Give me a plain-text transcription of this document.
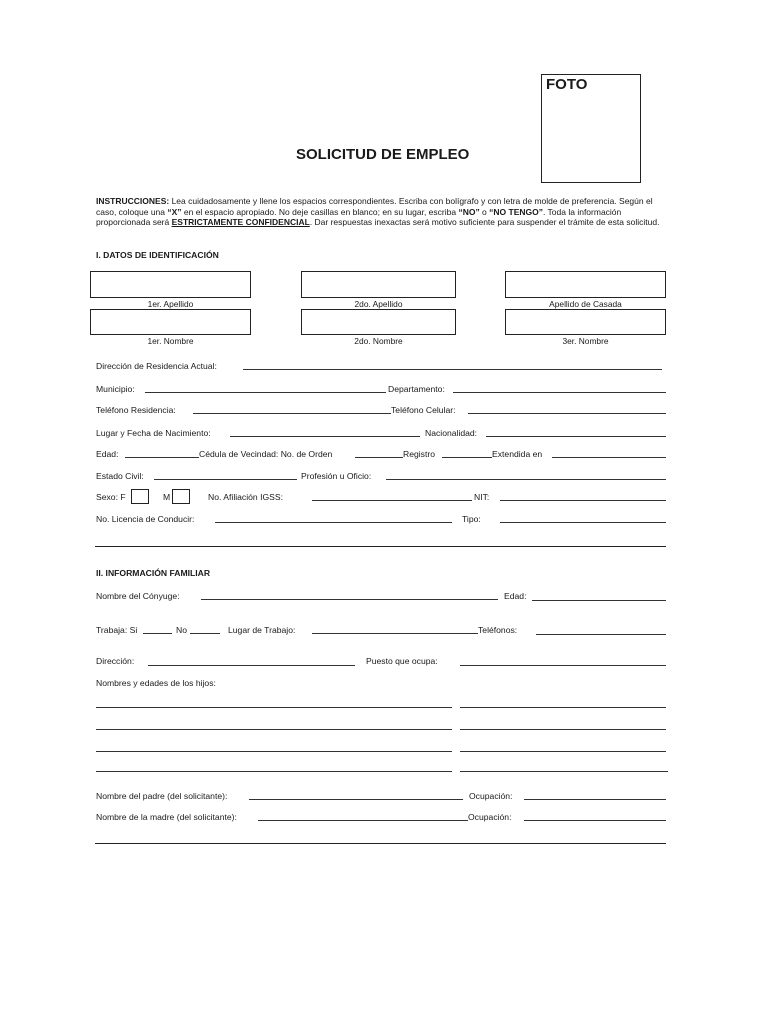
FOTO
SOLICITUD DE EMPLEO
INSTRUCCIONES: Lea cuidadosamente y llene los espacios correspondientes. Escriba con bolígrafo y con letra de molde de preferencia. Según el caso, coloque una “X” en el espacio apropiado. No deje casillas en blanco; en su lugar, escriba “NO” o “NO TENGO”. Toda la información proporcionada será ESTRICTAMENTE CONFIDENCIAL. Dar respuestas inexactas será motivo suficiente para suspender el trámite de esta solicitud.
I. DATOS DE IDENTIFICACIÓN
1er. Apellido	2do. Apellido	Apellido de Casada
1er. Nombre	2do. Nombre	3er. Nombre
Dirección de Residencia Actual:
Municipio:	Departamento:
Teléfono Residencia:	Teléfono Celular:
Lugar y Fecha de Nacimiento:	Nacionalidad:
Edad:	Cédula de Vecindad: No. de Orden	Registro	Extendida en
Estado Civil:	Profesión u Oficio:
Sexo: F	M	No. Afiliación IGSS:	NIT:
No. Licencia de Conducir:	Tipo:
II. INFORMACIÓN FAMILIAR
Nombre del Cónyuge:	Edad:
Trabaja: Si	No	Lugar de Trabajo:	Teléfonos:
Dirección:	Puesto que ocupa:
Nombres y edades de los hijos:
Nombre del padre (del solicitante):	Ocupación:
Nombre de la madre (del solicitante):	Ocupación:
